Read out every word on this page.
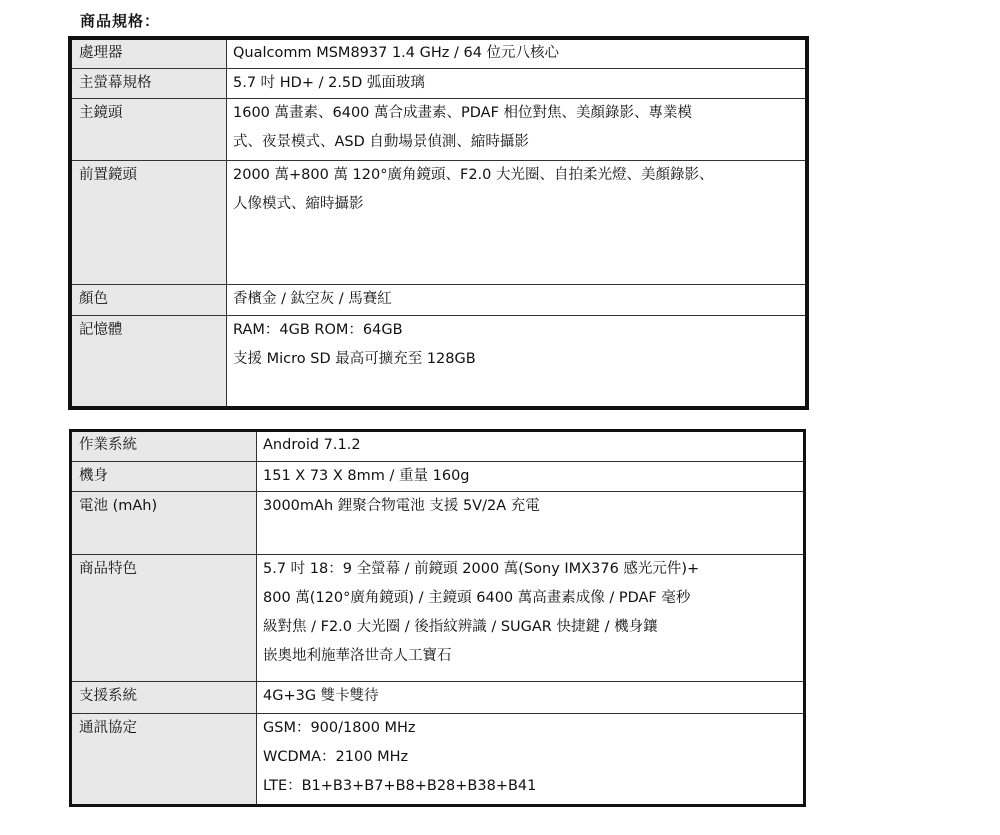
商品規格：
處理器	Qualcomm MSM8937 1.4 GHz / 64 位元八核心

主螢幕規格	5.7 吋 HD+ / 2.5D 弧面玻璃

主鏡頭	1600 萬畫素、6400 萬合成畫素、PDAF 相位對焦、美顏錄影、專業模
式、夜景模式、ASD 自動場景偵測、縮時攝影

前置鏡頭	2000 萬+800 萬 120°廣角鏡頭、F2.0 大光圈、自拍柔光燈、美顏錄影、
人像模式、縮時攝影

顏色	香檳金 / 鈦空灰 / 馬賽紅

記憶體	RAM：4GB ROM：64GB
支援 Micro SD 最高可擴充至 128GB
作業系統	Android 7.1.2

機身	151 X 73 X 8mm / 重量 160g

電池 (mAh)	3000mAh 鋰聚合物電池 支援 5V/2A 充電

商品特色	5.7 吋 18：9 全螢幕 / 前鏡頭 2000 萬(Sony IMX376 感光元件)+
800 萬(120°廣角鏡頭) / 主鏡頭 6400 萬高畫素成像 / PDAF 毫秒
級對焦 / F2.0 大光圈 / 後指紋辨識 / SUGAR 快捷鍵 / 機身鑲
嵌奧地利施華洛世奇人工寶石

支援系統	4G+3G 雙卡雙待

通訊協定	GSM：900/1800 MHz
WCDMA：2100 MHz
LTE：B1+B3+B7+B8+B28+B38+B41
